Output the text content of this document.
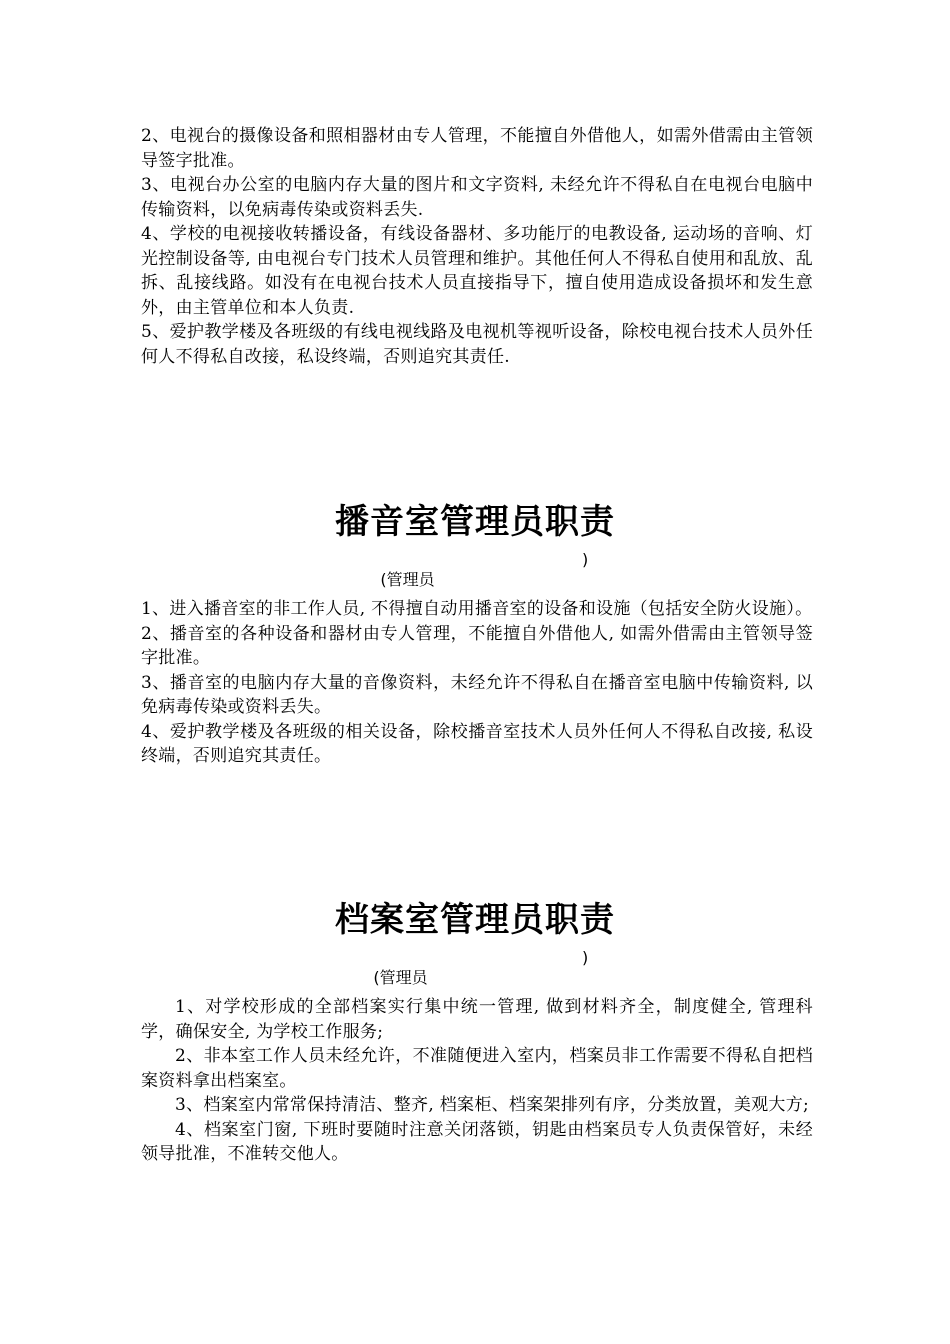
2、电视台的摄像设备和照相器材由专人管理，不能擅自外借他人，如需外借需由主管领导签字批准。

3、电视台办公室的电脑内存大量的图片和文字资料, 未经允许不得私自在电视台电脑中传输资料，以免病毒传染或资料丢失.

4、学校的电视接收转播设备，有线设备器材、多功能厅的电教设备, 运动场的音响、灯光控制设备等, 由电视台专门技术人员管理和维护。其他任何人不得私自使用和乱放、乱拆、乱接线路。如没有在电视台技术人员直接指导下，擅自使用造成设备损坏和发生意外，由主管单位和本人负责.

5、爱护教学楼及各班级的有线电视线路及电视机等视听设备，除校电视台技术人员外任何人不得私自改接，私设终端，否则追究其责任.

播音室管理员职责

(管理员
)

1、进入播音室的非工作人员, 不得擅自动用播音室的设备和设施（包括安全防火设施）。

2、播音室的各种设备和器材由专人管理，不能擅自外借他人, 如需外借需由主管领导签字批准。

3、播音室的电脑内存大量的音像资料，未经允许不得私自在播音室电脑中传输资料, 以免病毒传染或资料丢失。

4、爱护教学楼及各班级的相关设备，除校播音室技术人员外任何人不得私自改接, 私设终端，否则追究其责任。

档案室管理员职责

(管理员
)

1、对学校形成的全部档案实行集中统一管理, 做到材料齐全，制度健全, 管理科学，确保安全, 为学校工作服务;

2、非本室工作人员未经允许，不准随便进入室内，档案员非工作需要不得私自把档案资料拿出档案室。

3、档案室内常常保持清洁、整齐, 档案柜、档案架排列有序，分类放置，美观大方;

4、档案室门窗, 下班时要随时注意关闭落锁，钥匙由档案员专人负责保管好，未经领导批准，不准转交他人。
